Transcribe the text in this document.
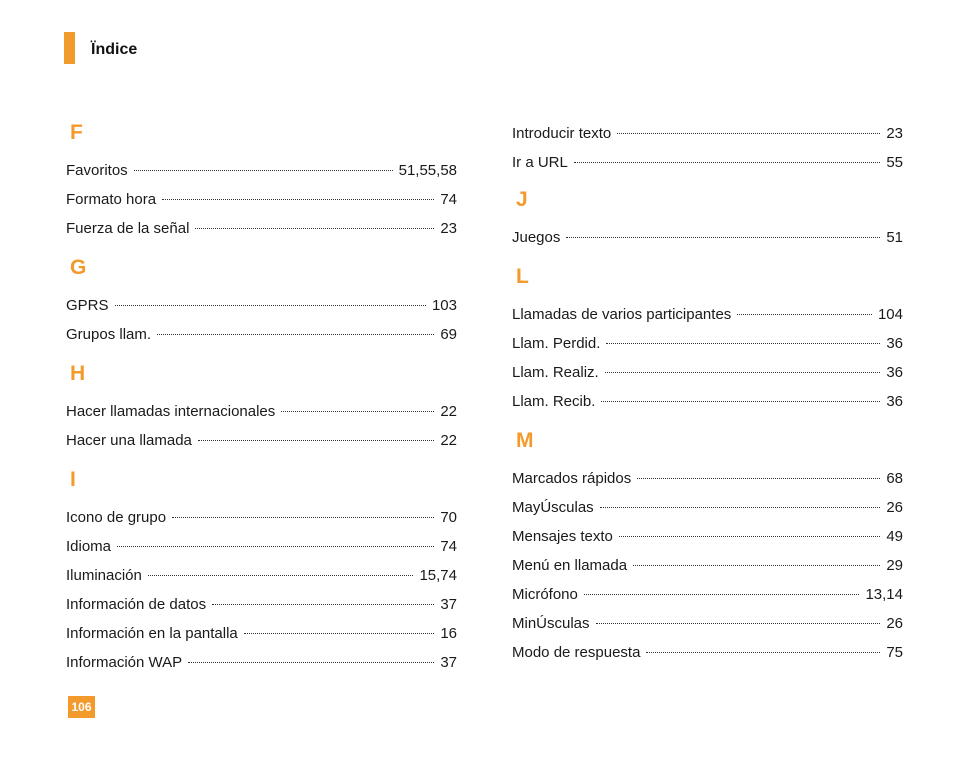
Ïndice
F
Favoritos	51,55,58
Formato hora	74
Fuerza de la señal	23
G
GPRS	103
Grupos llam.	69
H
Hacer llamadas internacionales	22
Hacer una llamada	22
I
Icono de grupo	70
Idioma	74
Iluminación	15,74
Información de datos	37
Información en la pantalla	16
Información WAP	37
Introducir texto	23
Ir a URL	55
J
Juegos	51
L
Llamadas de varios participantes	104
Llam. Perdid.	36
Llam. Realiz.	36
Llam. Recib.	36
M
Marcados rápidos	68
MayÚsculas	26
Mensajes texto	49
Menú en llamada	29
Micrófono	13,14
MinÚsculas	26
Modo de respuesta	75
106
